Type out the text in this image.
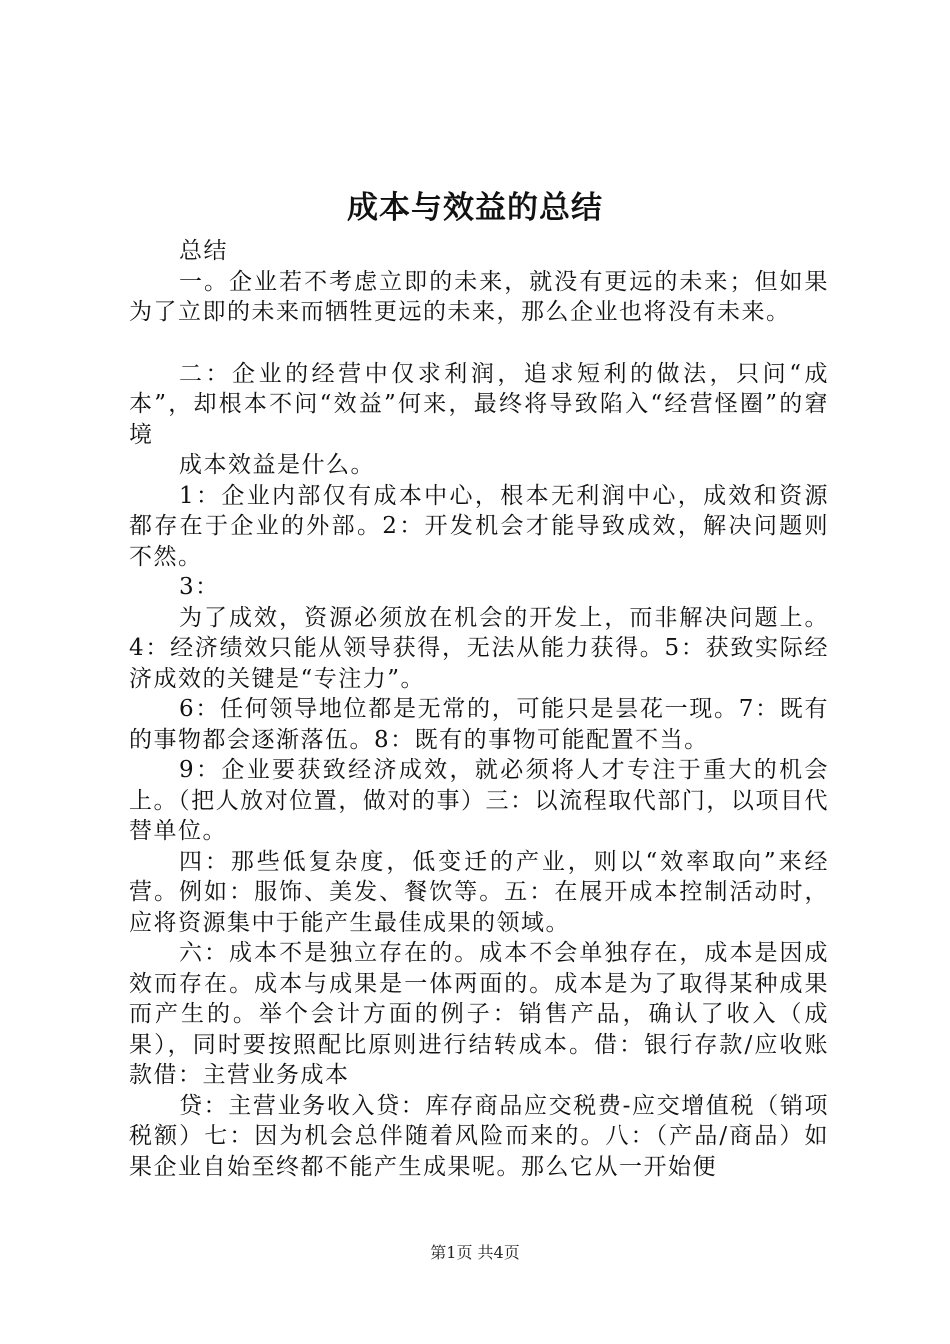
成本与效益的总结

总结

一。企业若不考虑立即的未来，就没有更远的未来；但如果为了立即的未来而牺牲更远的未来，那么企业也将没有未来。

二：企业的经营中仅求利润，追求短利的做法，只问“成本”，却根本不问“效益”何来，最终将导致陷入“经营怪圈”的窘境

成本效益是什么。

1：企业内部仅有成本中心，根本无利润中心，成效和资源都存在于企业的外部。2：开发机会才能导致成效，解决问题则不然。

3：

为了成效，资源必须放在机会的开发上，而非解决问题上。4：经济绩效只能从领导获得，无法从能力获得。5：获致实际经济成效的关键是“专注力”。

6：任何领导地位都是无常的，可能只是昙花一现。7：既有的事物都会逐渐落伍。8：既有的事物可能配置不当。

9：企业要获致经济成效，就必须将人才专注于重大的机会上。（把人放对位置，做对的事）三：以流程取代部门，以项目代替单位。

四：那些低复杂度，低变迁的产业，则以“效率取向”来经营。例如：服饰、美发、餐饮等。五：在展开成本控制活动时，应将资源集中于能产生最佳成果的领域。

六：成本不是独立存在的。成本不会单独存在，成本是因成效而存在。成本与成果是一体两面的。成本是为了取得某种成果而产生的。举个会计方面的例子：销售产品，确认了收入（成果），同时要按照配比原则进行结转成本。借：银行存款/应收账款借：主营业务成本

贷：主营业务收入贷：库存商品应交税费-应交增值税（销项税额）七：因为机会总伴随着风险而来的。八：（产品/商品）如果企业自始至终都不能产生成果呢。那么它从一开始便

第1页 共4页
